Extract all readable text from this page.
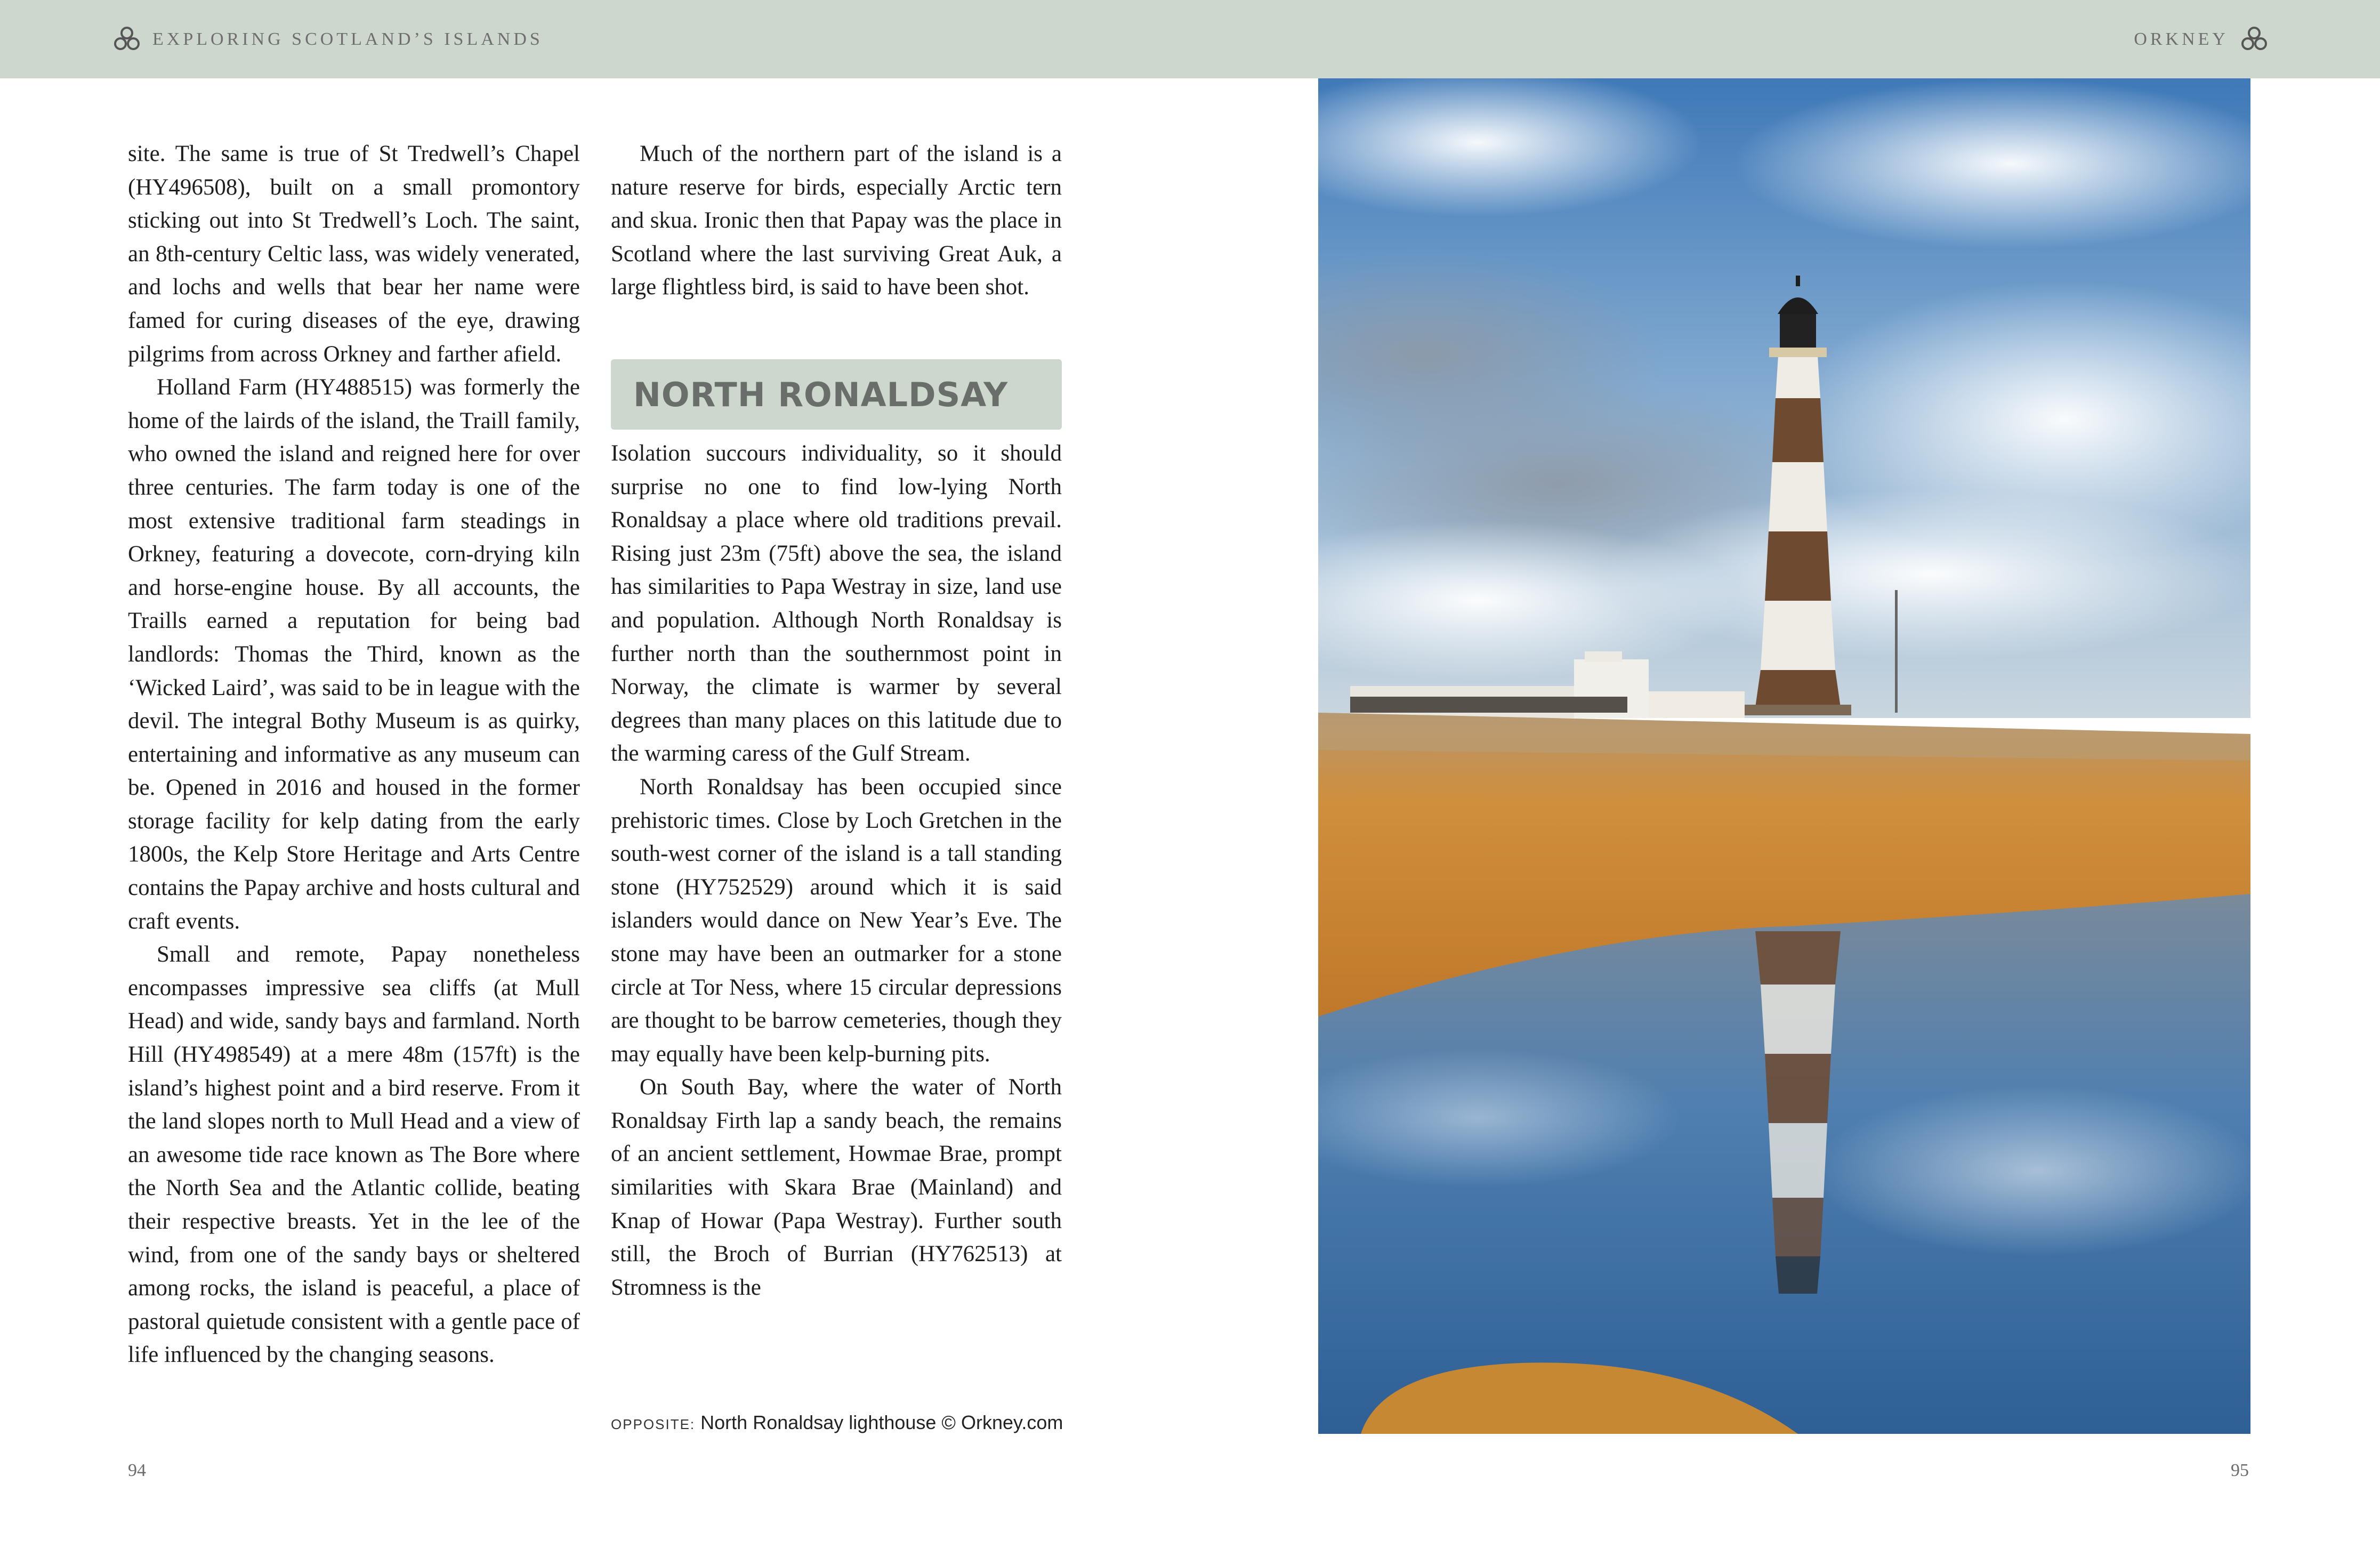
EXPLORING SCOTLAND’S ISLANDS	ORKNEY

site. The same is true of St Tredwell’s Chapel (HY496508), built on a small promontory sticking out into St Tredwell’s Loch. The saint, an 8th-century Celtic lass, was widely venerated, and lochs and wells that bear her name were famed for curing diseases of the eye, drawing pilgrims from across Orkney and farther afield.

Holland Farm (HY488515) was formerly the home of the lairds of the island, the Traill family, who owned the island and reigned here for over three centuries. The farm today is one of the most extensive traditional farm steadings in Orkney, featuring a dovecote, corn-drying kiln and horse-engine house. By all accounts, the Traills earned a reputation for being bad landlords: Thomas the Third, known as the ‘Wicked Laird’, was said to be in league with the devil. The integral Bothy Museum is as quirky, entertaining and informative as any museum can be. Opened in 2016 and housed in the former storage facility for kelp dating from the early 1800s, the Kelp Store Heritage and Arts Centre contains the Papay archive and hosts cultural and craft events.

Small and remote, Papay nonetheless encompasses impressive sea cliffs (at Mull Head) and wide, sandy bays and farmland. North Hill (HY498549) at a mere 48m (157ft) is the island’s highest point and a bird reserve. From it the land slopes north to Mull Head and a view of an awesome tide race known as The Bore where the North Sea and the Atlantic collide, beating their respective breasts. Yet in the lee of the wind, from one of the sandy bays or sheltered among rocks, the island is peaceful, a place of pastoral quietude consistent with a gentle pace of life influenced by the changing seasons.

Much of the northern part of the island is a nature reserve for birds, especially Arctic tern and skua. Ironic then that Papay was the place in Scotland where the last surviving Great Auk, a large flightless bird, is said to have been shot.

NORTH RONALDSAY

Isolation succours individuality, so it should surprise no one to find low-lying North Ronaldsay a place where old traditions prevail. Rising just 23m (75ft) above the sea, the island has similarities to Papa Westray in size, land use and population. Although North Ronaldsay is further north than the southernmost point in Norway, the climate is warmer by several degrees than many places on this latitude due to the warming caress of the Gulf Stream.

North Ronaldsay has been occupied since prehistoric times. Close by Loch Gretchen in the south-west corner of the island is a tall standing stone (HY752529) around which it is said islanders would dance on New Year’s Eve. The stone may have been an outmarker for a stone circle at Tor Ness, where 15 circular depressions are thought to be barrow cemeteries, though they may equally have been kelp-burning pits.

On South Bay, where the water of North Ronaldsay Firth lap a sandy beach, the remains of an ancient settlement, Howmae Brae, prompt similarities with Skara Brae (Mainland) and Knap of Howar (Papa Westray). Further south still, the Broch of Burrian (HY762513) at Stromness is the

OPPOSITE: North Ronaldsay lighthouse © Orkney.com
94	95
